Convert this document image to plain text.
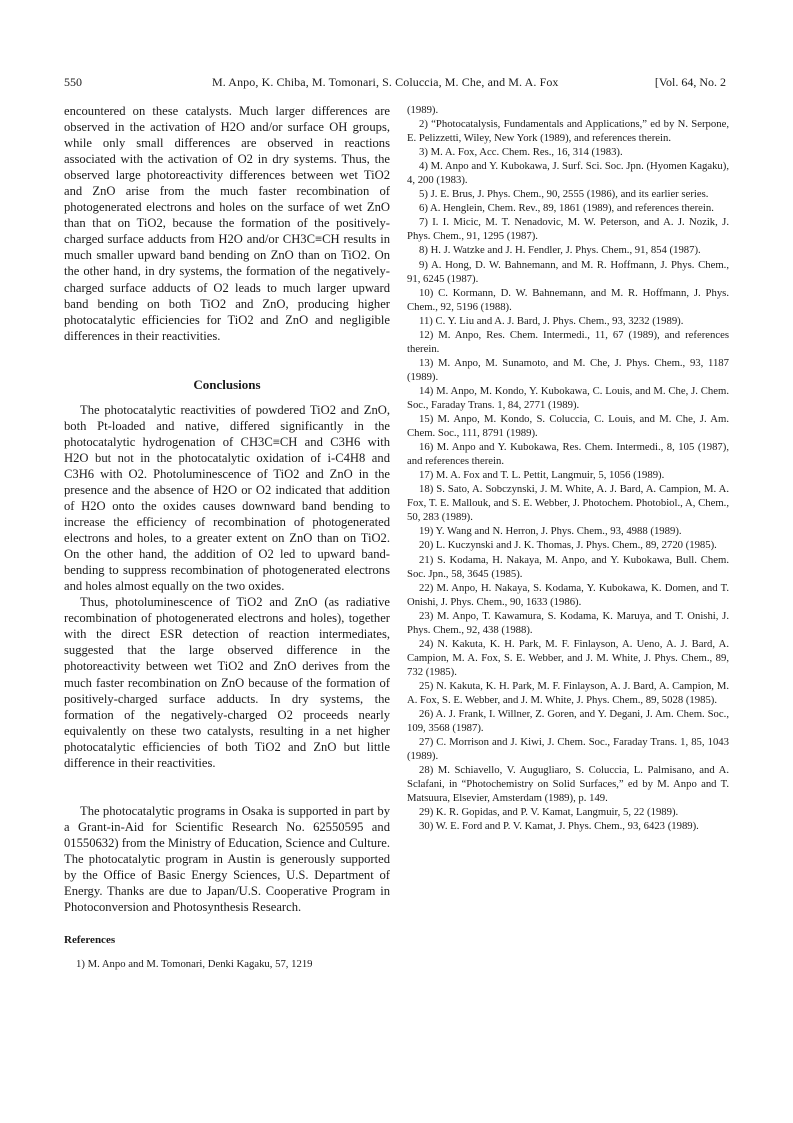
550	M. Anpo, K. Chiba, M. Tomonari, S. Coluccia, M. Che, and M. A. Fox	[Vol. 64, No. 2

encountered on these catalysts. Much larger differences are observed in the activation of H2O and/or surface OH groups, while only small differences are observed in reactions associated with the activation of O2 in dry systems. Thus, the observed large photoreactivity differences between wet TiO2 and ZnO arise from the much faster recombination of photogenerated electrons and holes on the surface of wet ZnO than that on TiO2, because the formation of the positively-charged surface adducts from H2O and/or CH3C≡CH results in much smaller upward band bending on ZnO than on TiO2. On the other hand, in dry systems, the formation of the negatively-charged surface adducts of O2 leads to much larger upward band bending on both TiO2 and ZnO, producing higher photocatalytic efficiencies for TiO2 and ZnO and negligible differences in their reactivities.

Conclusions

The photocatalytic reactivities of powdered TiO2 and ZnO, both Pt-loaded and native, differed significantly in the photocatalytic hydrogenation of CH3C≡CH and C3H6 with H2O but not in the photocatalytic oxidation of i-C4H8 and C3H6 with O2. Photoluminescence of TiO2 and ZnO in the presence and the absence of H2O or O2 indicated that addition of H2O onto the oxides causes downward band bending to increase the efficiency of recombination of photogenerated electrons and holes, to a greater extent on ZnO than on TiO2. On the other hand, the addition of O2 led to upward band-bending to suppress recombination of photogenerated electrons and holes almost equally on the two oxides.

Thus, photoluminescence of TiO2 and ZnO (as radiative recombination of photogenerated electrons and holes), together with the direct ESR detection of reaction intermediates, suggested that the large observed difference in the photoreactivity between wet TiO2 and ZnO derives from the much faster recombination on ZnO because of the formation of positively-charged surface adducts. In dry systems, the formation of the negatively-charged O2 proceeds nearly equivalently on these two catalysts, resulting in a net higher photocatalytic efficiencies of both TiO2 and ZnO but little difference in their reactivities.

The photocatalytic programs in Osaka is supported in part by a Grant-in-Aid for Scientific Research No. 62550595 and 01550632) from the Ministry of Education, Science and Culture. The photocatalytic program in Austin is generously supported by the Office of Basic Energy Sciences, U.S. Department of Energy. Thanks are due to Japan/U.S. Cooperative Program in Photoconversion and Photosynthesis Research.

References

1) M. Anpo and M. Tomonari, Denki Kagaku, 57, 1219

(1989).

2) “Photocatalysis, Fundamentals and Applications,” ed by N. Serpone, E. Pelizzetti, Wiley, New York (1989), and references therein.

3) M. A. Fox, Acc. Chem. Res., 16, 314 (1983).

4) M. Anpo and Y. Kubokawa, J. Surf. Sci. Soc. Jpn. (Hyomen Kagaku), 4, 200 (1983).

5) J. E. Brus, J. Phys. Chem., 90, 2555 (1986), and its earlier series.

6) A. Henglein, Chem. Rev., 89, 1861 (1989), and references therein.

7) I. I. Micic, M. T. Nenadovic, M. W. Peterson, and A. J. Nozik, J. Phys. Chem., 91, 1295 (1987).

8) H. J. Watzke and J. H. Fendler, J. Phys. Chem., 91, 854 (1987).

9) A. Hong, D. W. Bahnemann, and M. R. Hoffmann, J. Phys. Chem., 91, 6245 (1987).

10) C. Kormann, D. W. Bahnemann, and M. R. Hoffmann, J. Phys. Chem., 92, 5196 (1988).

11) C. Y. Liu and A. J. Bard, J. Phys. Chem., 93, 3232 (1989).

12) M. Anpo, Res. Chem. Intermedi., 11, 67 (1989), and references therein.

13) M. Anpo, M. Sunamoto, and M. Che, J. Phys. Chem., 93, 1187 (1989).

14) M. Anpo, M. Kondo, Y. Kubokawa, C. Louis, and M. Che, J. Chem. Soc., Faraday Trans. 1, 84, 2771 (1989).

15) M. Anpo, M. Kondo, S. Coluccia, C. Louis, and M. Che, J. Am. Chem. Soc., 111, 8791 (1989).

16) M. Anpo and Y. Kubokawa, Res. Chem. Intermedi., 8, 105 (1987), and references therein.

17) M. A. Fox and T. L. Pettit, Langmuir, 5, 1056 (1989).

18) S. Sato, A. Sobczynski, J. M. White, A. J. Bard, A. Campion, M. A. Fox, T. E. Mallouk, and S. E. Webber, J. Photochem. Photobiol., A, Chem., 50, 283 (1989).

19) Y. Wang and N. Herron, J. Phys. Chem., 93, 4988 (1989).

20) L. Kuczynski and J. K. Thomas, J. Phys. Chem., 89, 2720 (1985).

21) S. Kodama, H. Nakaya, M. Anpo, and Y. Kubokawa, Bull. Chem. Soc. Jpn., 58, 3645 (1985).

22) M. Anpo, H. Nakaya, S. Kodama, Y. Kubokawa, K. Domen, and T. Onishi, J. Phys. Chem., 90, 1633 (1986).

23) M. Anpo, T. Kawamura, S. Kodama, K. Maruya, and T. Onishi, J. Phys. Chem., 92, 438 (1988).

24) N. Kakuta, K. H. Park, M. F. Finlayson, A. Ueno, A. J. Bard, A. Campion, M. A. Fox, S. E. Webber, and J. M. White, J. Phys. Chem., 89, 732 (1985).

25) N. Kakuta, K. H. Park, M. F. Finlayson, A. J. Bard, A. Campion, M. A. Fox, S. E. Webber, and J. M. White, J. Phys. Chem., 89, 5028 (1985).

26) A. J. Frank, I. Willner, Z. Goren, and Y. Degani, J. Am. Chem. Soc., 109, 3568 (1987).

27) C. Morrison and J. Kiwi, J. Chem. Soc., Faraday Trans. 1, 85, 1043 (1989).

28) M. Schiavello, V. Augugliaro, S. Coluccia, L. Palmisano, and A. Sclafani, in “Photochemistry on Solid Surfaces,” ed by M. Anpo and T. Matsuura, Elsevier, Amsterdam (1989), p. 149.

29) K. R. Gopidas, and P. V. Kamat, Langmuir, 5, 22 (1989).

30) W. E. Ford and P. V. Kamat, J. Phys. Chem., 93, 6423 (1989).
